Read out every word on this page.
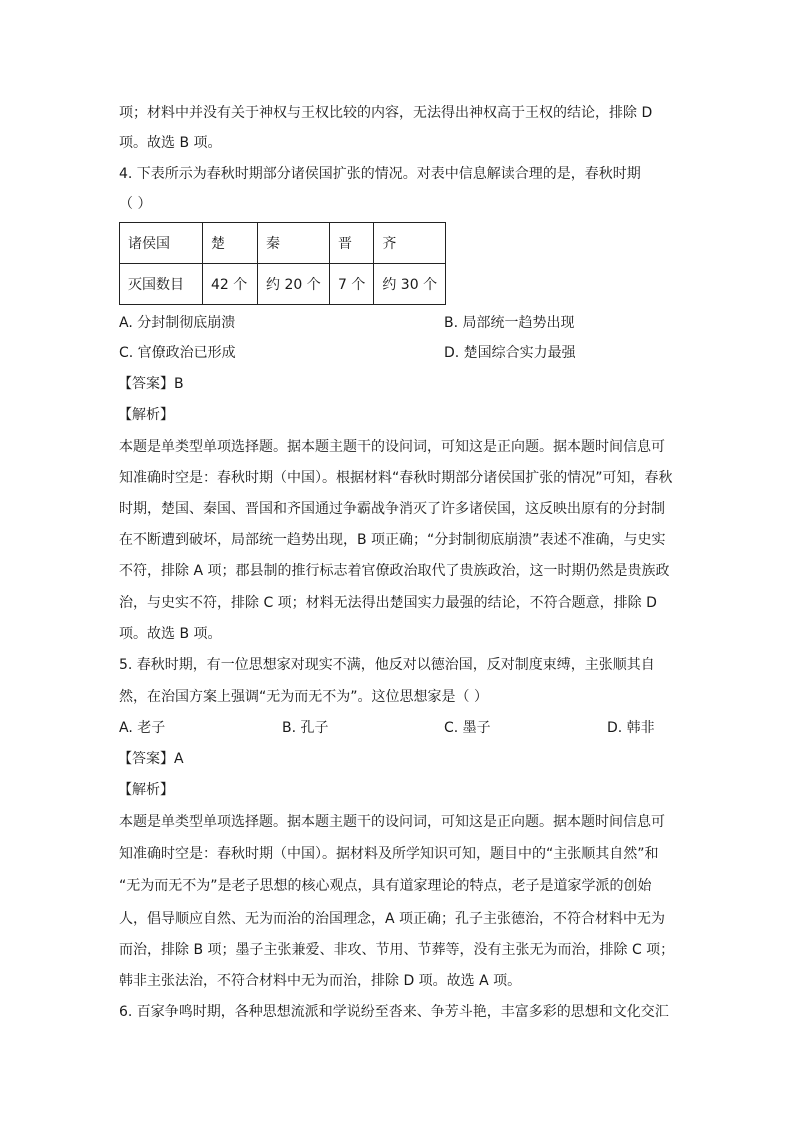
项；材料中并没有关于神权与王权比较的内容，无法得出神权高于王权的结论，排除 D
项。故选 B 项。
4. 下表所示为春秋时期部分诸侯国扩张的情况。对表中信息解读合理的是，春秋时期
（ ）
诸侯国	楚	秦	晋	齐
灭国数目	42 个	约 20 个	7 个	约 30 个
A. 分封制彻底崩溃	B. 局部统一趋势出现
C. 官僚政治已形成	D. 楚国综合实力最强
【答案】B
【解析】
本题是单类型单项选择题。据本题主题干的设问词，可知这是正向题。据本题时间信息可
知准确时空是：春秋时期（中国）。根据材料“春秋时期部分诸侯国扩张的情况”可知，春秋
时期，楚国、秦国、晋国和齐国通过争霸战争消灭了许多诸侯国，这反映出原有的分封制
在不断遭到破坏，局部统一趋势出现，B 项正确；“分封制彻底崩溃”表述不准确，与史实
不符，排除 A 项；郡县制的推行标志着官僚政治取代了贵族政治，这一时期仍然是贵族政
治，与史实不符，排除 C 项；材料无法得出楚国实力最强的结论，不符合题意，排除 D
项。故选 B 项。
5. 春秋时期，有一位思想家对现实不满，他反对以德治国，反对制度束缚，主张顺其自
然，在治国方案上强调“无为而无不为”。这位思想家是（ ）
A. 老子	B. 孔子	C. 墨子	D. 韩非
【答案】A
【解析】
本题是单类型单项选择题。据本题主题干的设问词，可知这是正向题。据本题时间信息可
知准确时空是：春秋时期（中国）。据材料及所学知识可知，题目中的“主张顺其自然”和
“无为而无不为”是老子思想的核心观点，具有道家理论的特点，老子是道家学派的创始
人，倡导顺应自然、无为而治的治国理念，A 项正确；孔子主张德治，不符合材料中无为
而治，排除 B 项；墨子主张兼爱、非攻、节用、节葬等，没有主张无为而治，排除 C 项；
韩非主张法治，不符合材料中无为而治，排除 D 项。故选 A 项。
6. 百家争鸣时期，各种思想流派和学说纷至沓来、争芳斗艳，丰富多彩的思想和文化交汇
